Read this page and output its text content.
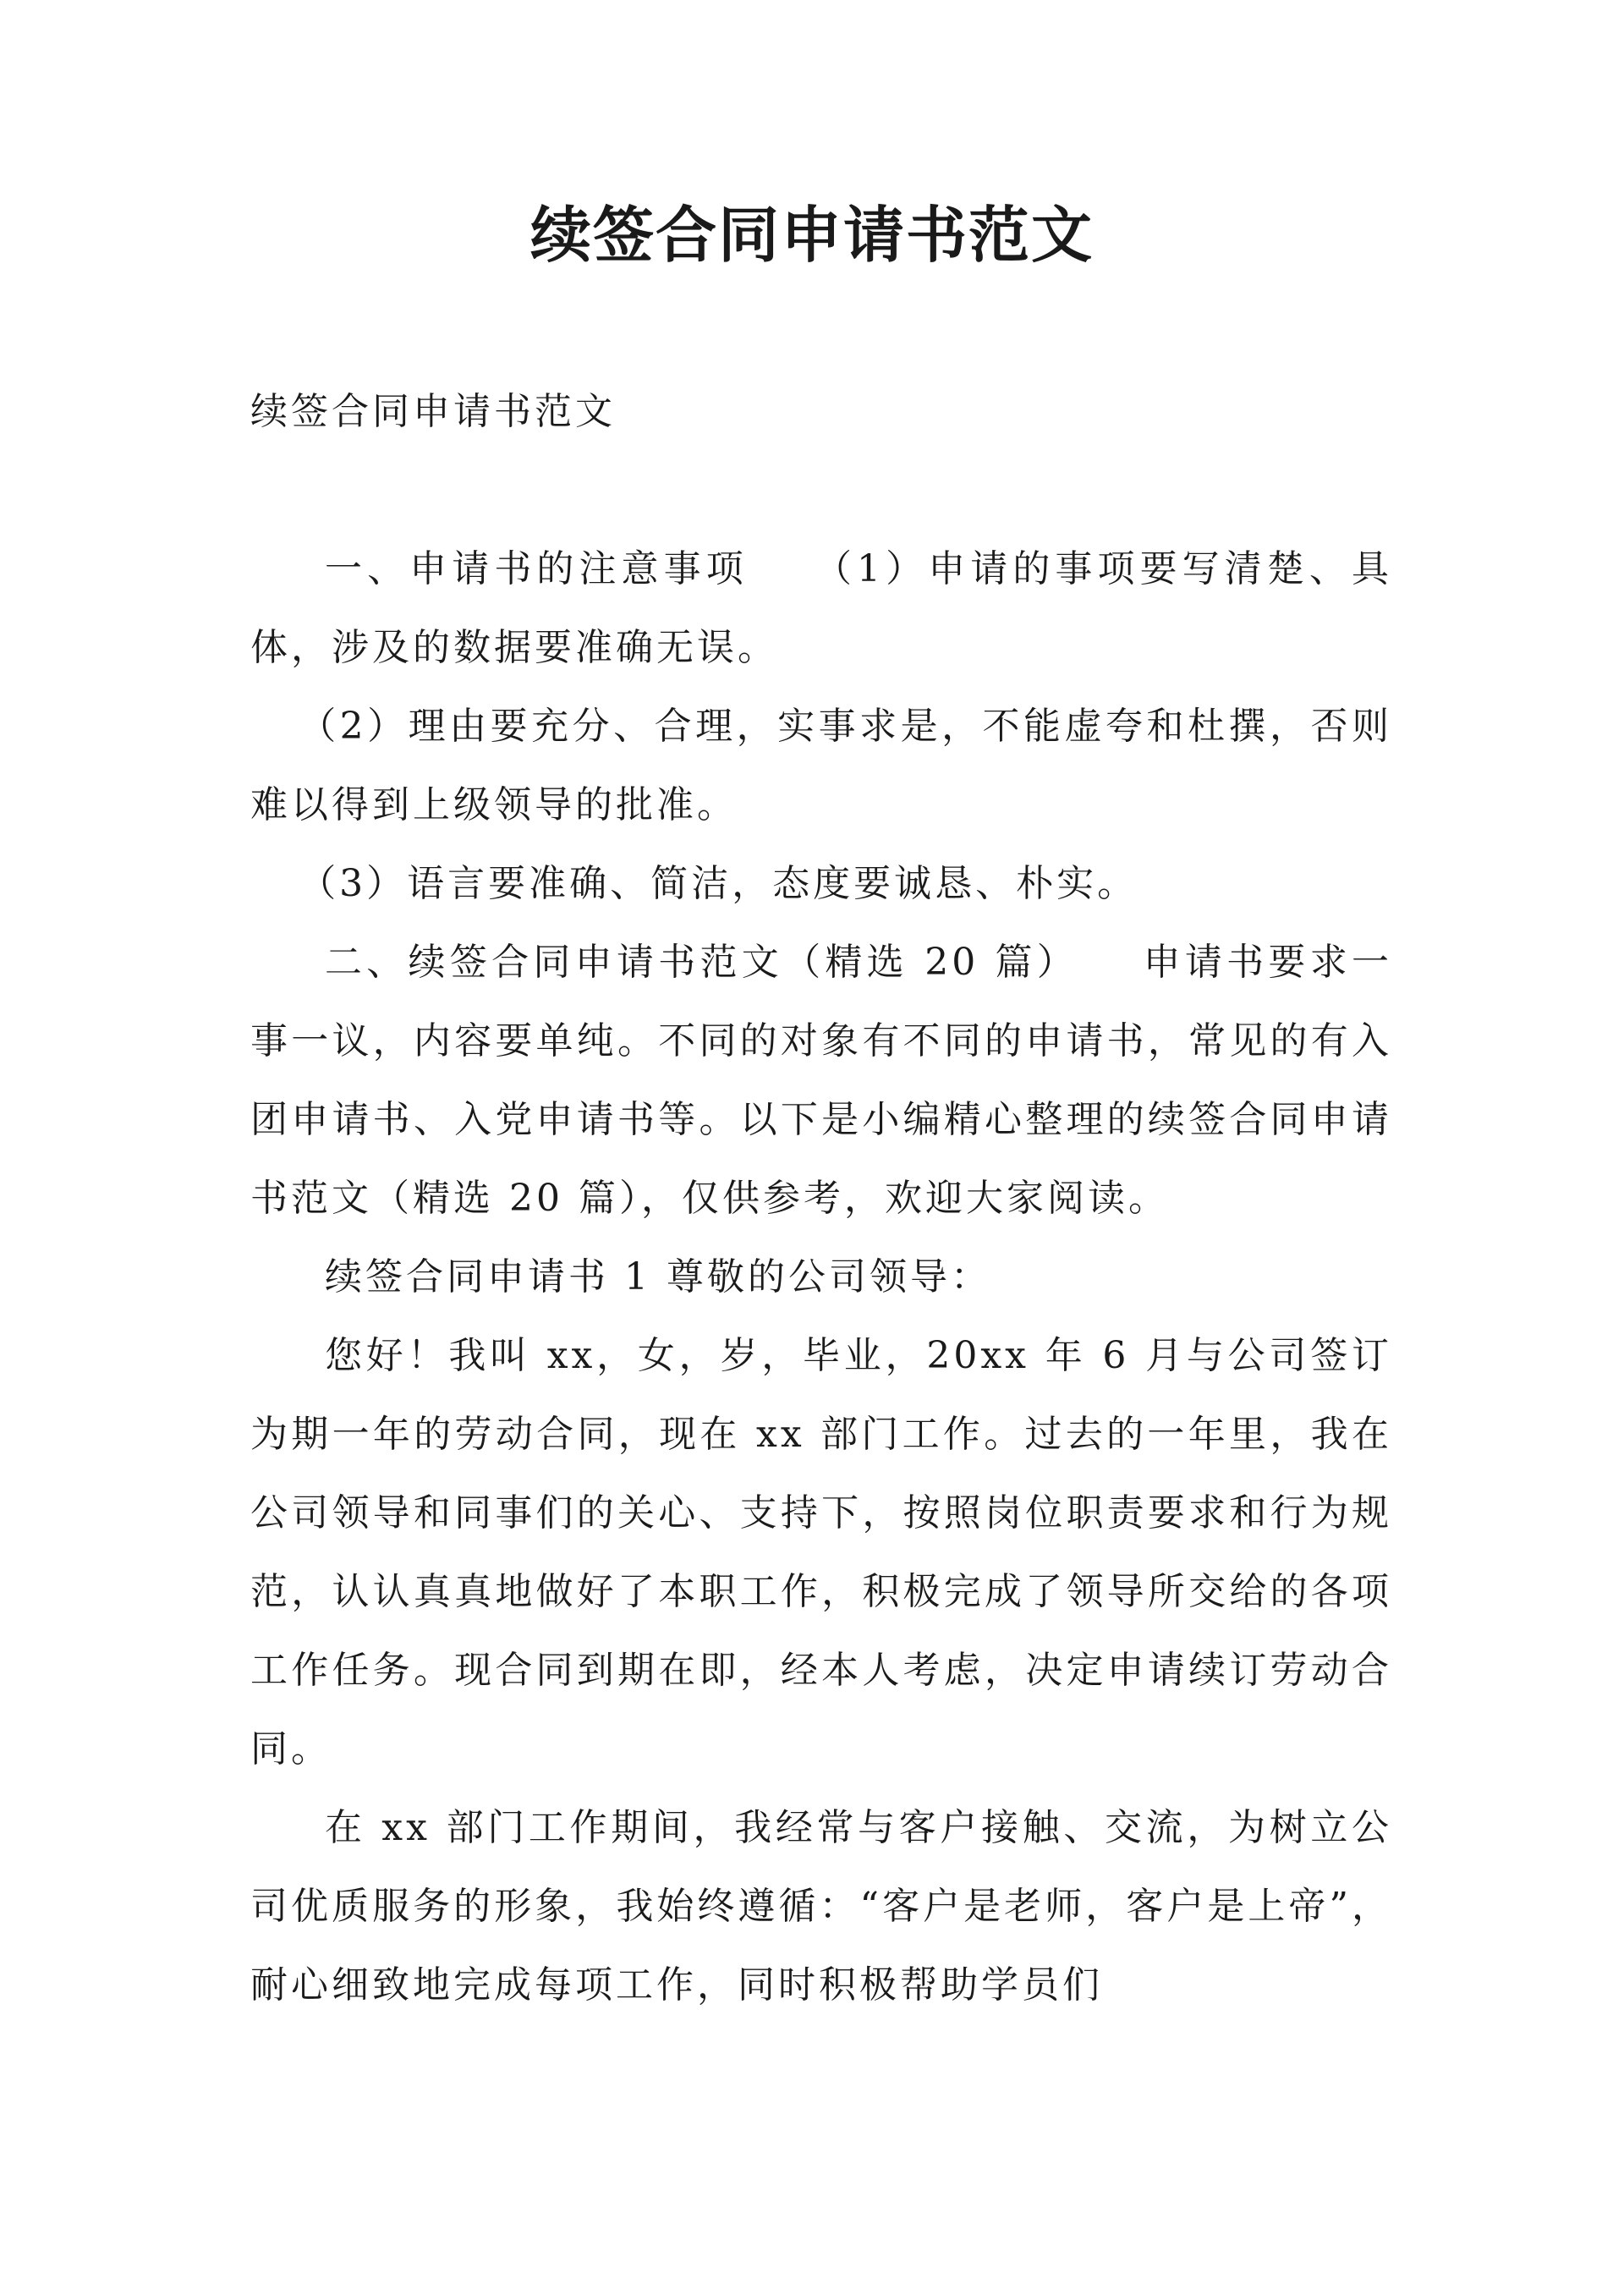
续签合同申请书范文

续签合同申请书范文

一、申请书的注意事项　　（1）申请的事项要写清楚、具体，涉及的数据要准确无误。

（2）理由要充分、合理，实事求是，不能虚夸和杜撰，否则难以得到上级领导的批准。

（3）语言要准确、简洁，态度要诚恳、朴实。

二、续签合同申请书范文（精选 20 篇）　　申请书要求一事一议，内容要单纯。不同的对象有不同的申请书，常见的有入团申请书、入党申请书等。以下是小编精心整理的续签合同申请书范文（精选 20 篇），仅供参考，欢迎大家阅读。

续签合同申请书 1 尊敬的公司领导：

您好！我叫 xx，女，岁，毕业，20xx 年 6 月与公司签订为期一年的劳动合同，现在 xx 部门工作。过去的一年里，我在公司领导和同事们的关心、支持下，按照岗位职责要求和行为规范，认认真真地做好了本职工作，积极完成了领导所交给的各项工作任务。现合同到期在即，经本人考虑，决定申请续订劳动合同。

在 xx 部门工作期间，我经常与客户接触、交流，为树立公司优质服务的形象，我始终遵循：“客户是老师，客户是上帝”，耐心细致地完成每项工作，同时积极帮助学员们
